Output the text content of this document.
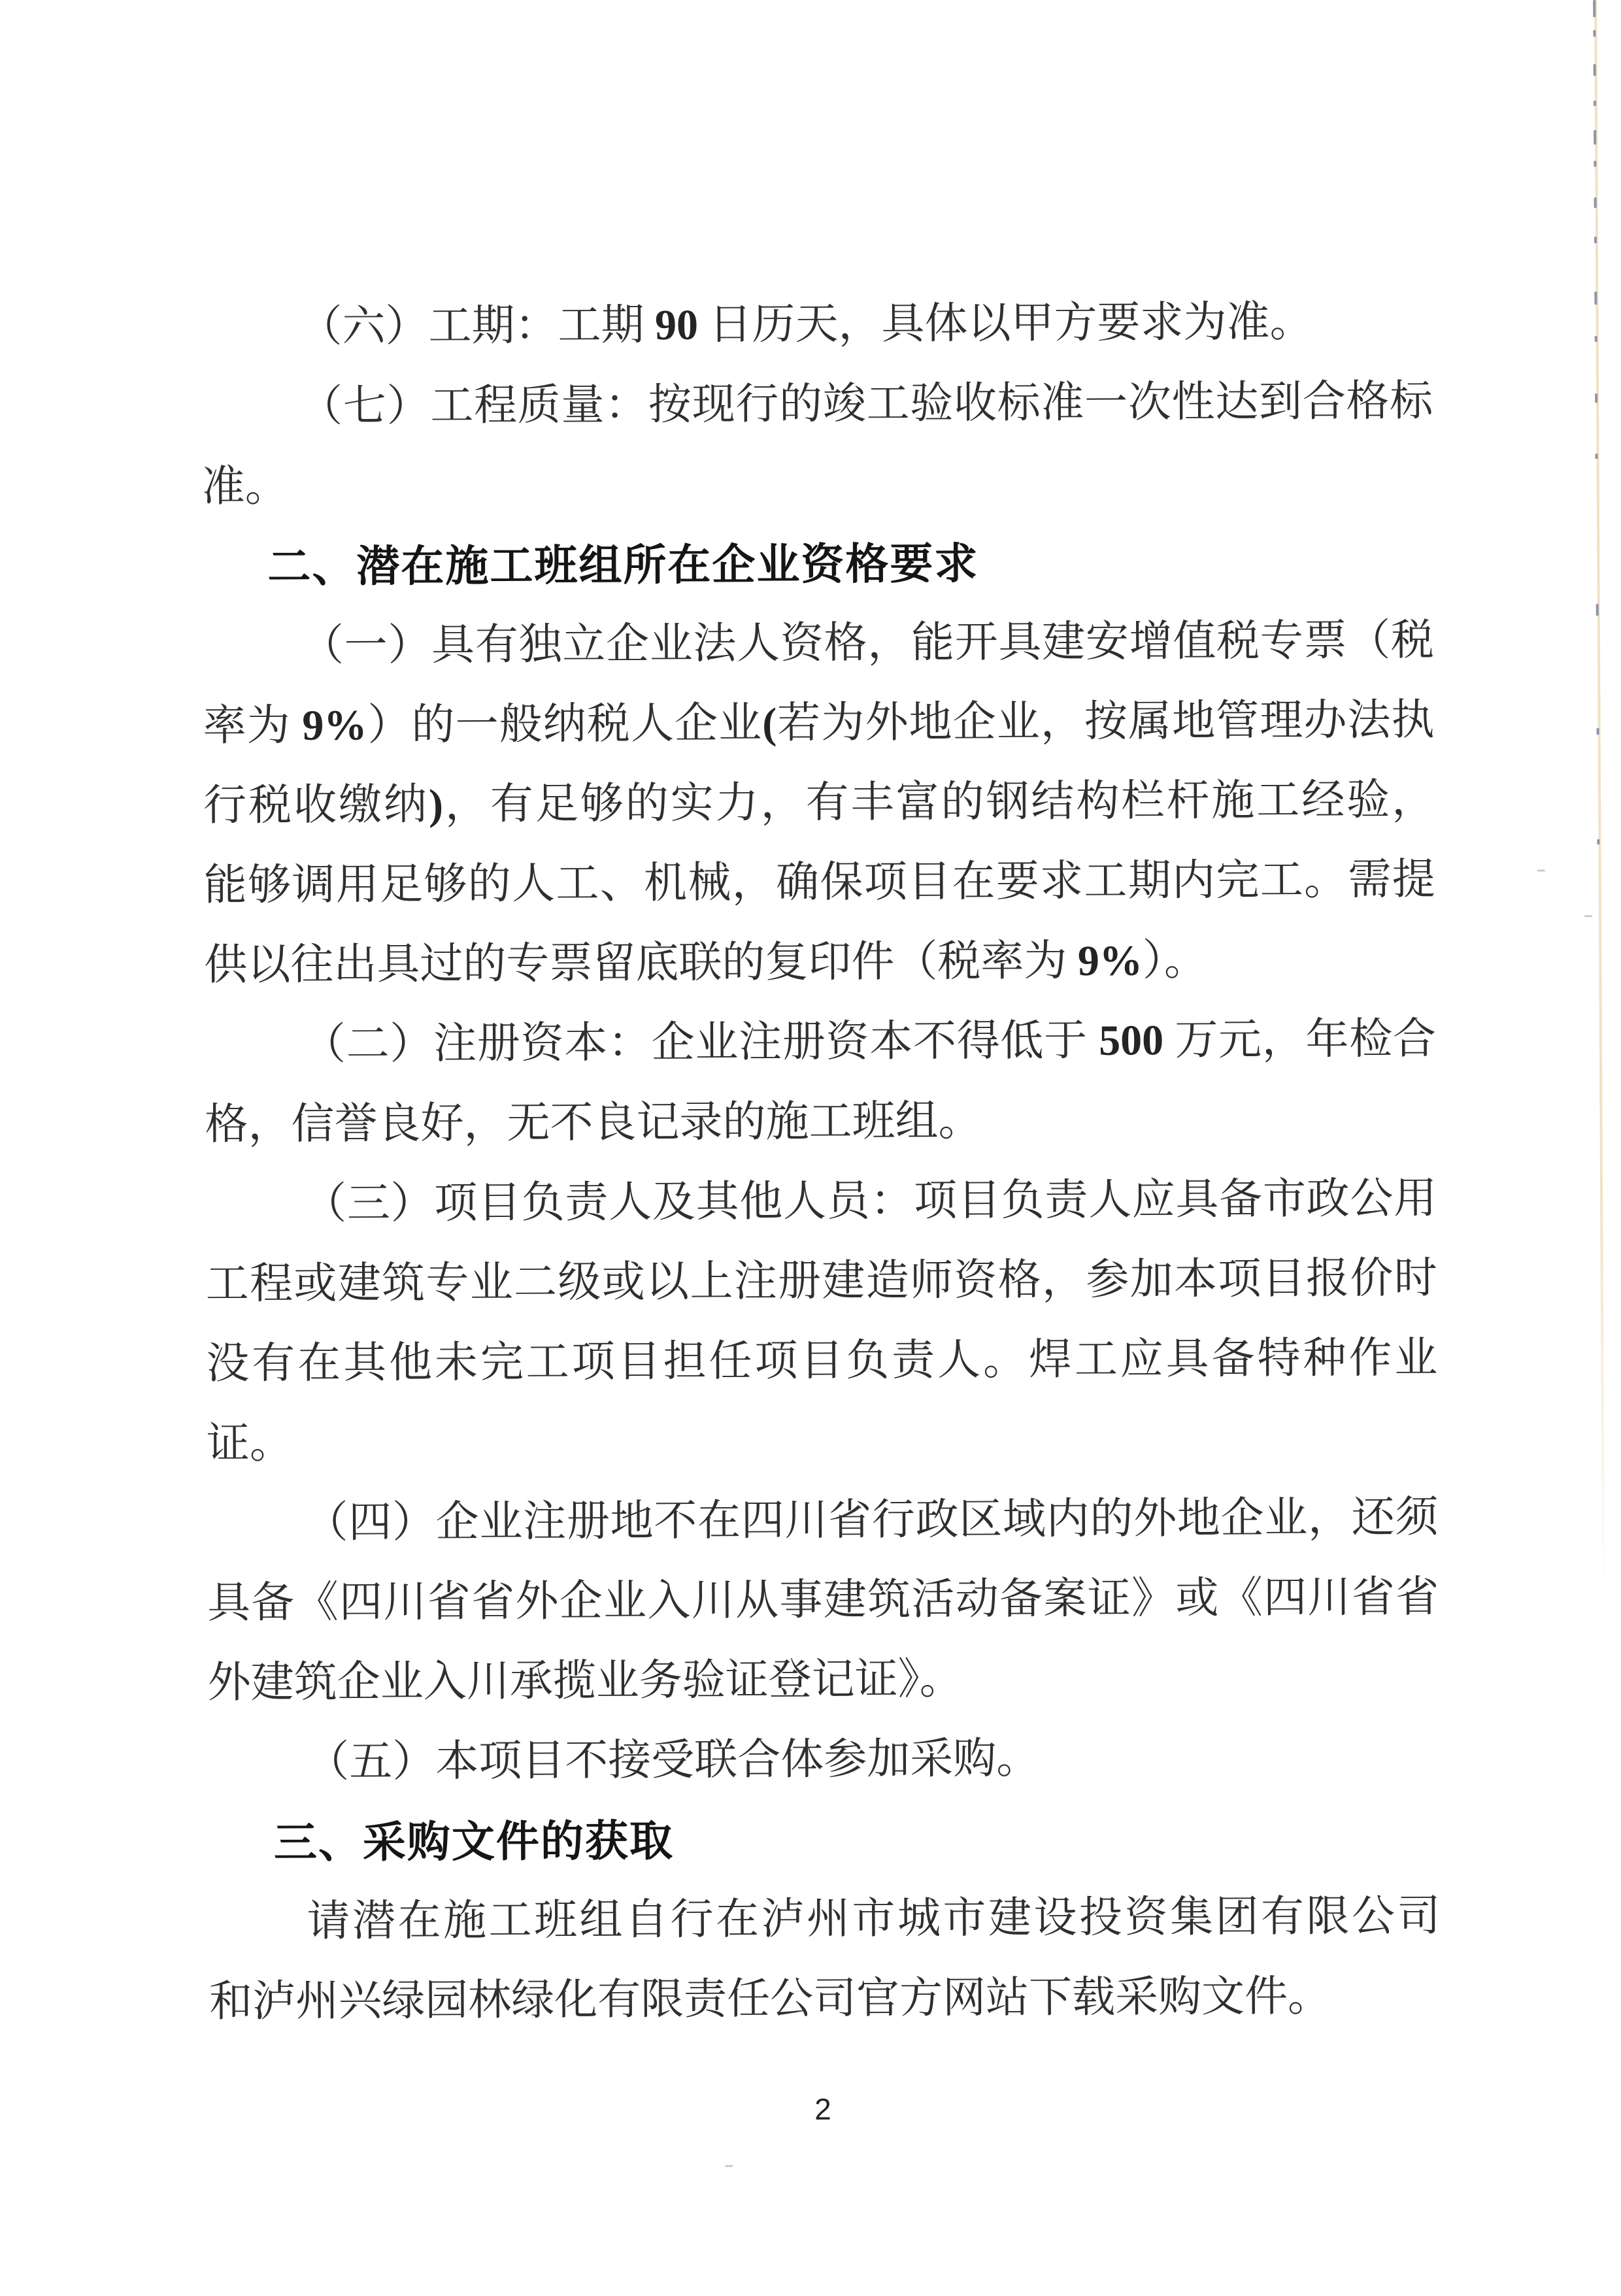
（六）工期：工期 90 日历天，具体以甲方要求为准。
（七）工程质量：按现行的竣工验收标准一次性达到合格标
准。
二、潜在施工班组所在企业资格要求
（一）具有独立企业法人资格，能开具建安增值税专票（税
率为 9%）的一般纳税人企业(若为外地企业，按属地管理办法执
行税收缴纳)，有足够的实力，有丰富的钢结构栏杆施工经验，
能够调用足够的人工、机械，确保项目在要求工期内完工。需提
供以往出具过的专票留底联的复印件（税率为 9%）。
（二）注册资本：企业注册资本不得低于 500 万元，年检合
格，信誉良好，无不良记录的施工班组。
（三）项目负责人及其他人员：项目负责人应具备市政公用
工程或建筑专业二级或以上注册建造师资格，参加本项目报价时
没有在其他未完工项目担任项目负责人。焊工应具备特种作业
证。
（四）企业注册地不在四川省行政区域内的外地企业，还须
具备《四川省省外企业入川从事建筑活动备案证》或《四川省省
外建筑企业入川承揽业务验证登记证》。
（五）本项目不接受联合体参加采购。
三、采购文件的获取
请潜在施工班组自行在泸州市城市建设投资集团有限公司
和泸州兴绿园林绿化有限责任公司官方网站下载采购文件。
2
